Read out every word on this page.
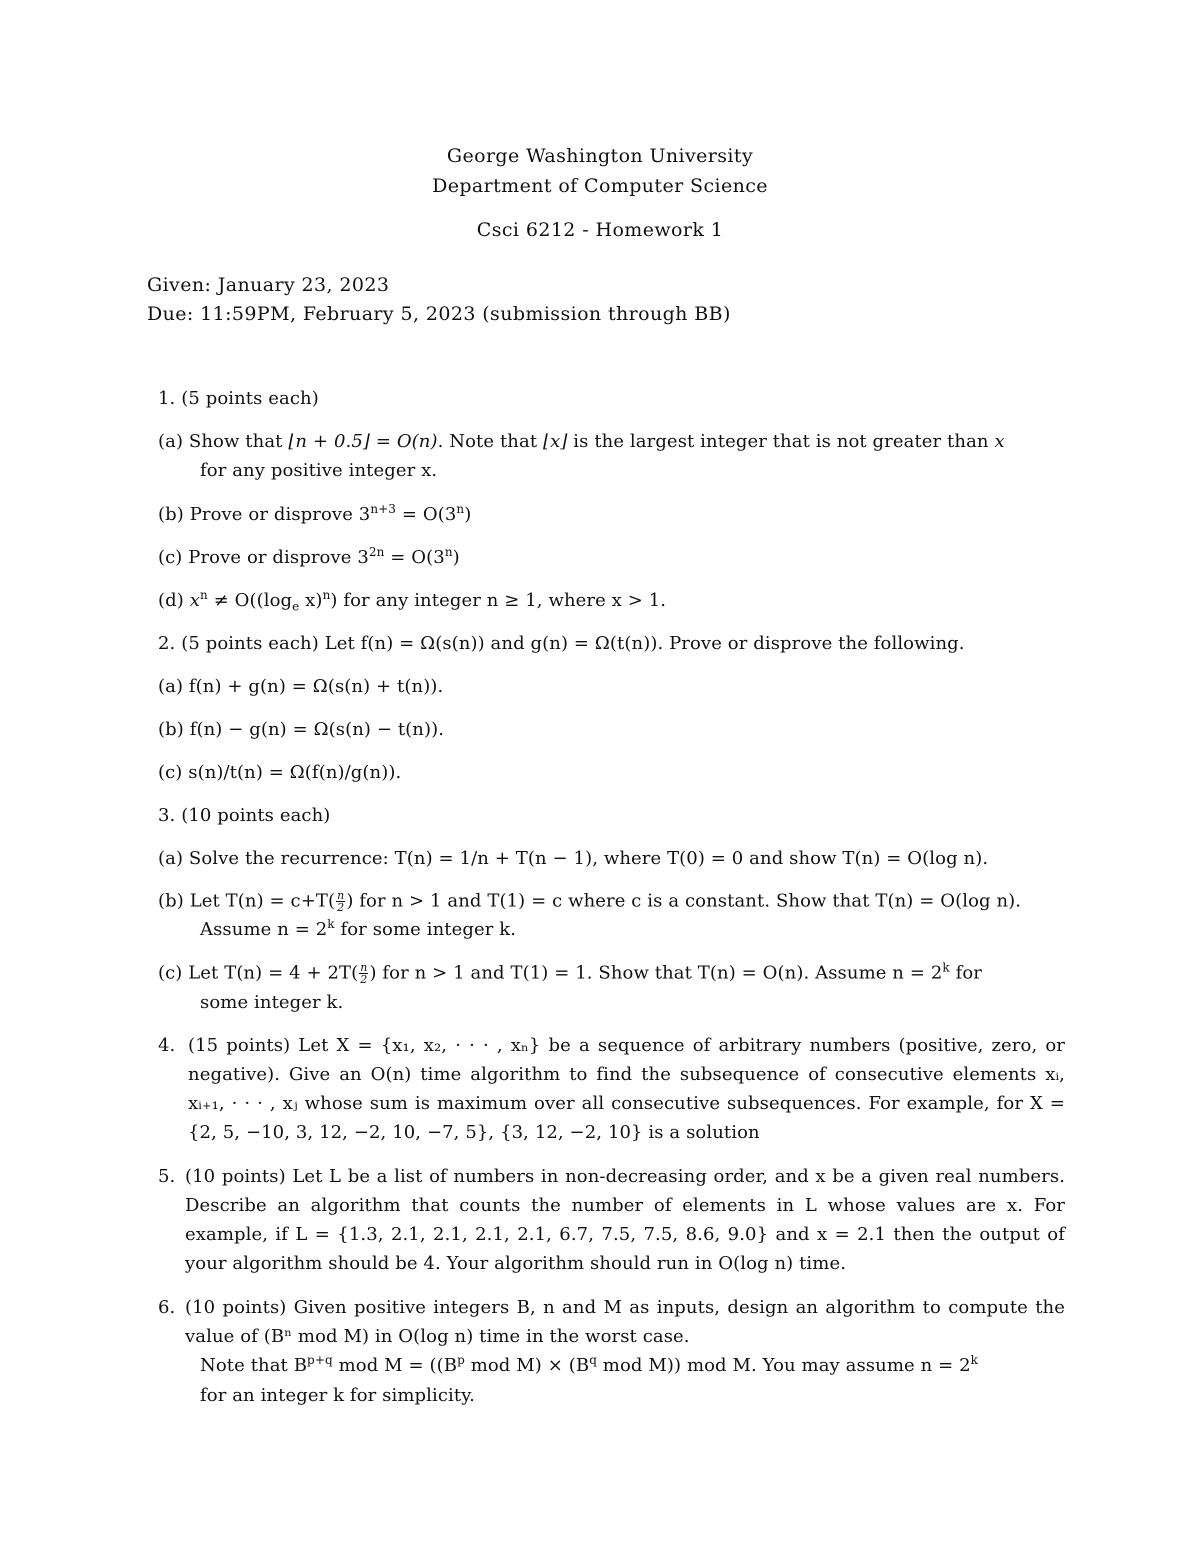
George Washington University
Department of Computer Science
Csci 6212 - Homework 1
Given: January 23, 2023
Due: 11:59PM, February 5, 2023 (submission through BB)
1. (5 points each)
(a) Show that ⌊n + 0.5⌋ = O(n). Note that ⌊x⌋ is the largest integer that is not greater than x
for any positive integer x.
(b) Prove or disprove $3^{n+3} = O(3^n)$
(c) Prove or disprove $3^{2n} = O(3^n)$
(d) $x^n \ne O((\log_e$ x)$^n$) for any integer n ≥ 1, where x > 1.
2. (5 points each) Let f(n) = Ω(s(n)) and g(n) = Ω(t(n)). Prove or disprove the following.
(a) f(n) + g(n) = Ω(s(n) + t(n)).
(b) f(n) − g(n) = Ω(s(n) − t(n)).
(c) s(n)/t(n) = Ω(f(n)/g(n)).
3. (10 points each)
(a) Solve the recurrence: T(n) = 1/n + T(n − 1), where T(0) = 0 and show T(n) = O(log n).
(b) Let $T(n) = c+T( \frac{n}{2}$ ) for n > 1 and T(1) = c where c is a constant. Show that T(n) = O(log n).
Assume $n = 2^k$ for some integer k.
(c) Let $T(n) = 4 + 2T( \frac{n}{2}$ ) for n > 1 and T(1) = 1. Show that T(n) = O(n). Assume $n = 2^k$ for
some integer k.
4. (15 points) Let X = {x₁, x₂, · · · , xₙ} be a sequence of arbitrary numbers (positive, zero, or negative). Give an O(n) time algorithm to find the subsequence of consecutive elements xᵢ, xᵢ₊₁, · · · , xⱼ whose sum is maximum over all consecutive subsequences. For example, for X = {2, 5, −10, 3, 12, −2, 10, −7, 5}, {3, 12, −2, 10} is a solution
5. (10 points) Let L be a list of numbers in non-decreasing order, and x be a given real numbers. Describe an algorithm that counts the number of elements in L whose values are x. For example, if L = {1.3, 2.1, 2.1, 2.1, 2.1, 6.7, 7.5, 7.5, 8.6, 9.0} and x = 2.1 then the output of your algorithm should be 4. Your algorithm should run in O(log n) time.
6. (10 points) Given positive integers B, n and M as inputs, design an algorithm to compute the value of (Bⁿ mod M) in O(log n) time in the worst case.
Note that $B^{p+q}$ mod $M = ((B^p$ mod $M) \times (B^q$ mod M)) mod M. You may assume $n = 2^k$
for an integer k for simplicity.
